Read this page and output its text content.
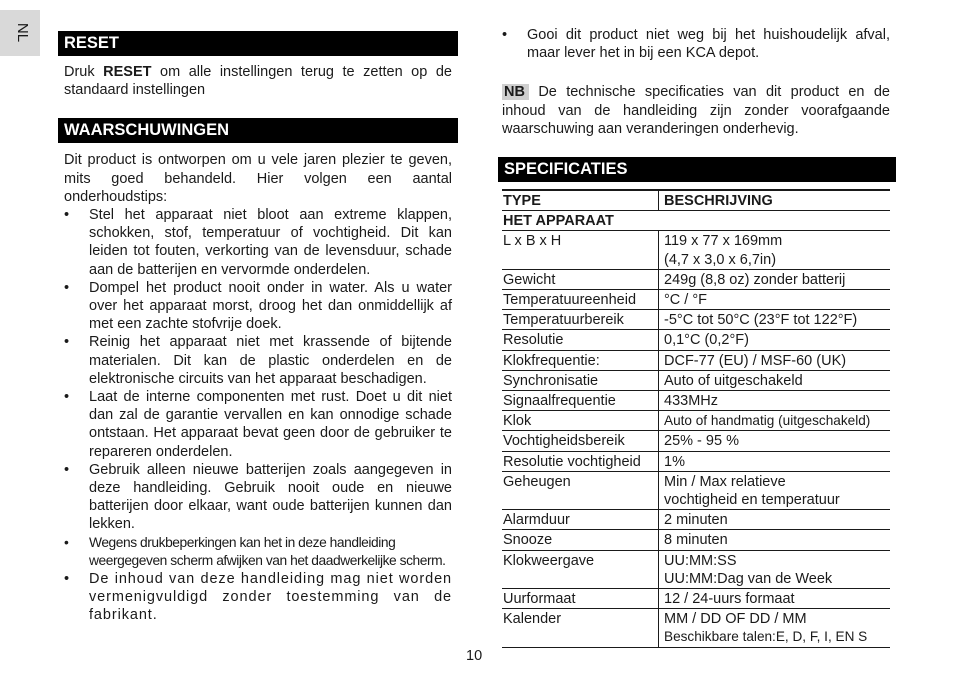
NL
RESET

Druk RESET om alle instellingen terug te zetten op de standaard instellingen

WAARSCHUWINGEN

Dit product is ontworpen om u vele jaren plezier te geven, mits goed behandeld. Hier volgen een aantal onderhoudstips:

•	Stel het apparaat niet bloot aan extreme klappen, schokken, stof, temperatuur of vochtigheid. Dit kan leiden tot fouten, verkorting van de levensduur, schade aan de batterijen en vervormde onderdelen.
•	Dompel het product nooit onder in water. Als u water over het apparaat morst, droog het dan onmiddellijk af met een zachte stofvrije doek.
•	Reinig het apparaat niet met krassende of bijtende materialen. Dit kan de plastic onderdelen en de elektronische circuits van het apparaat beschadigen.
•	Laat de interne componenten met rust. Doet u dit niet dan zal de garantie vervallen en kan onnodige schade ontstaan. Het apparaat bevat geen door de gebruiker te repareren onderdelen.
•	Gebruik alleen nieuwe batterijen zoals aangegeven in deze handleiding. Gebruik nooit oude en nieuwe batterijen door elkaar, want oude batterijen kunnen dan lekken.
•	Wegens drukbeperkingen kan het in deze handleiding weergegeven scherm afwijken van het daadwerkelijke scherm.
•	De inhoud van deze handleiding mag niet worden vermenigvuldigd zonder toestemming van de fabrikant.
•	Gooi dit product niet weg bij het huishoudelijk afval, maar lever het in bij een KCA depot.

NB De technische specificaties van dit product en de inhoud van de handleiding zijn zonder voorafgaande waarschuwing aan veranderingen onderhevig.

SPECIFICATIES
TYPE	BESCHRIJVING
HET APPARAAT	
L x B x H	119 x 77 x 169mm
(4,7 x 3,0 x 6,7in)

Gewicht	249g (8,8 oz) zonder batterij

Temperatuureenheid	°C / °F

Temperatuurbereik	-5°C tot 50°C (23°F tot 122°F)

Resolutie	0,1°C (0,2°F)

Klokfrequentie:	DCF-77 (EU) / MSF-60 (UK)

Synchronisatie	Auto of uitgeschakeld

Signaalfrequentie	433MHz

Klok	Auto of handmatig (uitgeschakeld)

Vochtigheidsbereik	25% - 95 %

Resolutie vochtigheid	1%

Geheugen	Min / Max relatieve
vochtigheid en temperatuur

Alarmduur	2 minuten

Snooze	8 minuten

Klokweergave	UU:MM:SS
UU:MM:Dag van de Week

Uurformaat	12 / 24-uurs formaat

Kalender	MM / DD OF DD / MM
Beschikbare talen:E, D, F, I, EN S
10
